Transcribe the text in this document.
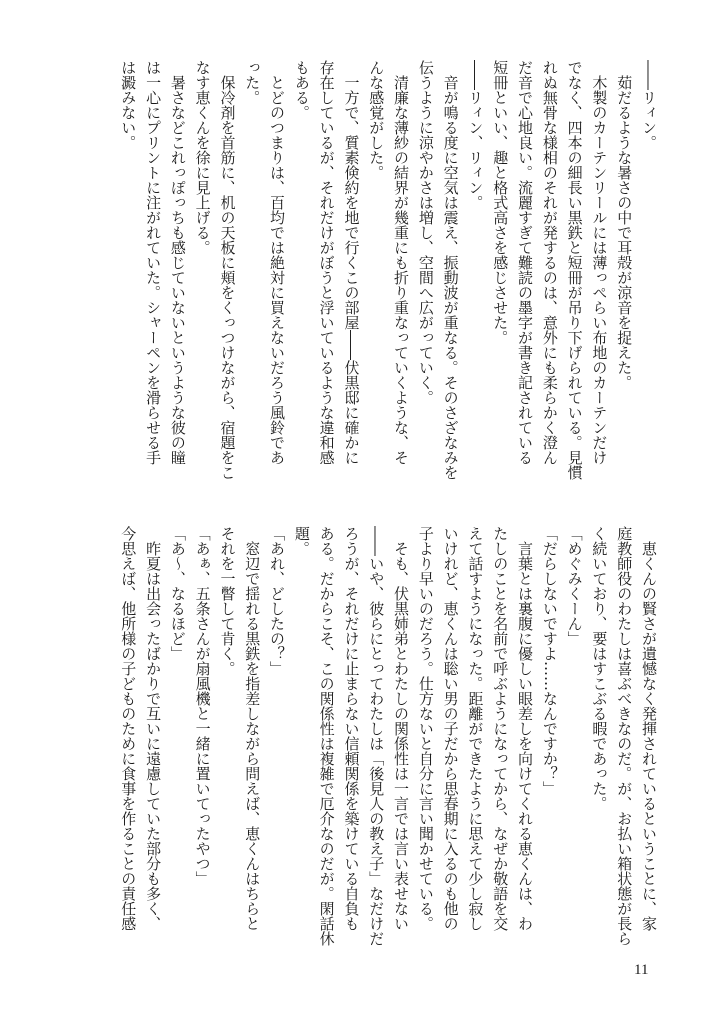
――リィン。
　茹だるような暑さの中で耳殻が涼音を捉えた。
　木製のカーテンリールには薄っぺらい布地のカーテンだけ
でなく、四本の細長い黒鉄と短冊が吊り下げられている。見慣
れぬ無骨な様相のそれが発するのは、意外にも柔らかく澄ん
だ音で心地良い。流麗すぎて難読の墨字が書き記されている
短冊といい、趣と格式高さを感じさせた。
――リィン、リィン。
　音が鳴る度に空気は震え、振動波が重なる。そのさざなみを
伝うように涼やかさは増し、空間へ広がっていく。
　清廉な薄紗の結界が幾重にも折り重なっていくような、そ
んな感覚がした。
　一方で、質素倹約を地で行くこの部屋――伏黒邸に確かに
存在しているが、それだけがぼうと浮いているような違和感
もある。
　とどのつまりは、百均では絶対に買えないだろう風鈴であ
った。
　保冷剤を首筋に、机の天板に頬をくっつけながら、宿題をこ
なす恵くんを徐に見上げる。
　暑さなどこれっぽっちも感じていないというような彼の瞳
は一心にプリントに注がれていた。シャーペンを滑らせる手
は澱みない。
　恵くんの賢さが遺憾なく発揮されているということに、家
庭教師役のわたしは喜ぶべきなのだ。が、お払い箱状態が長ら
く続いており、要はすこぶる暇であった。
「めぐみくーん」
「だらしないですよ……なんですか？」
　言葉とは裏腹に優しい眼差しを向けてくれる恵くんは、わ
たしのことを名前で呼ぶようになってから、なぜか敬語を交
えて話すようになった。距離ができたように思えて少し寂し
いけれど、恵くんは聡い男の子だから思春期に入るのも他の
子より早いのだろう。仕方ないと自分に言い聞かせている。
　そも、伏黒姉弟とわたしの関係性は一言では言い表せない
――いや、彼らにとってわたしは「後見人の教え子」なだけだ
ろうが、それだけに止まらない信頼関係を築けている自負も
ある。だからこそ、この関係性は複雑で厄介なのだが。閑話休
題。
「あれ、どしたの？」
　窓辺で揺れる黒鉄を指差しながら問えば、恵くんはちらと
それを一瞥して肯く。
「あぁ、五条さんが扇風機と一緒に置いてったやつ」
「あ～、なるほど」
　昨夏は出会ったばかりで互いに遠慮していた部分も多く、
今思えば、他所様の子どものために食事を作ることの責任感
11
